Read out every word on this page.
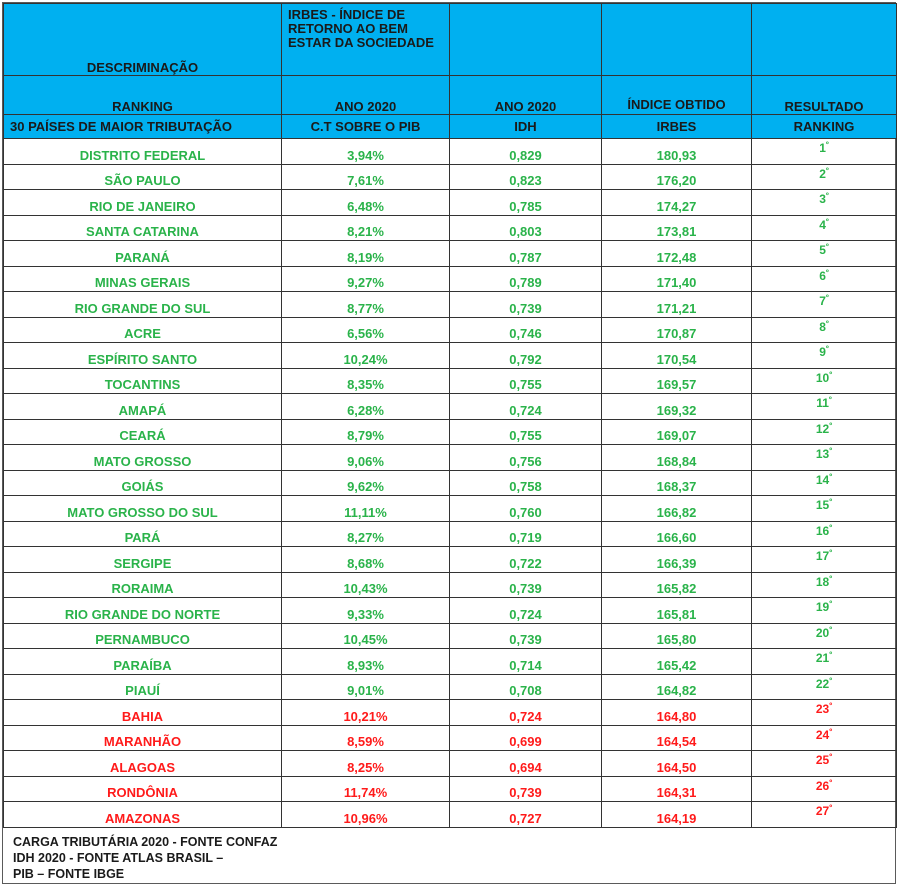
DESCRIMINAÇÃO	IRBES - ÍNDICE DE RETORNO AO BEM ESTAR DA SOCIEDADE			
RANKING	ANO 2020	ANO 2020	ÍNDICE OBTIDO	RESULTADO
30 PAÍSES DE MAIOR TRIBUTAÇÃO	C.T SOBRE O PIB	IDH	IRBES	RANKING
DISTRITO FEDERAL	3,94%	0,829	180,93	$1^º$
SÃO PAULO	7,61%	0,823	176,20	$2^º$
RIO DE JANEIRO	6,48%	0,785	174,27	$3^º$
SANTA CATARINA	8,21%	0,803	173,81	$4^º$
PARANÁ	8,19%	0,787	172,48	$5^º$
MINAS GERAIS	9,27%	0,789	171,40	$6^º$
RIO GRANDE DO SUL	8,77%	0,739	171,21	$7^º$
ACRE	6,56%	0,746	170,87	$8^º$
ESPÍRITO SANTO	10,24%	0,792	170,54	$9^º$
TOCANTINS	8,35%	0,755	169,57	$10^º$
AMAPÁ	6,28%	0,724	169,32	$11^º$
CEARÁ	8,79%	0,755	169,07	$12^º$
MATO GROSSO	9,06%	0,756	168,84	$13^º$
GOIÁS	9,62%	0,758	168,37	$14^º$
MATO GROSSO DO SUL	11,11%	0,760	166,82	$15^º$
PARÁ	8,27%	0,719	166,60	$16^º$
SERGIPE	8,68%	0,722	166,39	$17^º$
RORAIMA	10,43%	0,739	165,82	$18^º$
RIO GRANDE DO NORTE	9,33%	0,724	165,81	$19^º$
PERNAMBUCO	10,45%	0,739	165,80	$20^º$
PARAÍBA	8,93%	0,714	165,42	$21^º$
PIAUÍ	9,01%	0,708	164,82	$22^º$
BAHIA	10,21%	0,724	164,80	$23^º$
MARANHÃO	8,59%	0,699	164,54	$24^º$
ALAGOAS	8,25%	0,694	164,50	$25^º$
RONDÔNIA	11,74%	0,739	164,31	$26^º$
AMAZONAS	10,96%	0,727	164,19	$27^º$
CARGA TRIBUTÁRIA 2020 - FONTE CONFAZ
IDH 2020 - FONTE ATLAS BRASIL –
PIB – FONTE IBGE
